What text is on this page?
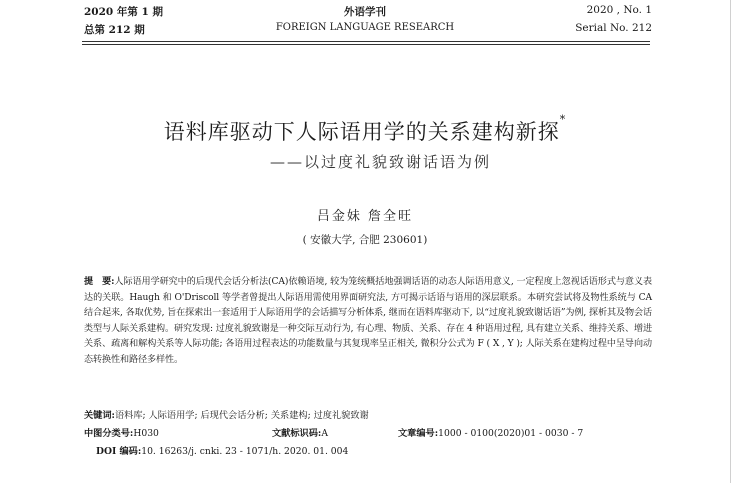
2020 年第 1 期
总第 212 期
外语学刊
FOREIGN LANGUAGE RESEARCH
2020 , No. 1
Serial No. 212
语料库驱动下人际语用学的关系建构新探*
——以过度礼貌致谢话语为例
吕金妹 詹全旺
( 安徽大学, 合肥 230601)
提　要:人际语用学研究中的后现代会话分析法(CA)依赖语境, 较为笼统概括地强调话语的动态人际语用意义, 一定程度上忽视话语形式与意义表达的关联。Haugh 和 O'Driscoll 等学者曾提出人际语用需使用界面研究法, 方可揭示话语与语用的深层联系。本研究尝试将及物性系统与 CA 结合起来, 各取优势, 旨在探索出一套适用于人际语用学的会话描写分析体系, 继而在语料库驱动下, 以“过度礼貌致谢话语”为例, 探析其及物会话类型与人际关系建构。研究发现: 过度礼貌致谢是一种交际互动行为, 有心理、物质、关系、存在 4 种语用过程, 具有建立关系、维持关系、增进关系、疏离和解构关系等人际功能; 各语用过程表达的功能数量与其复现率呈正相关, 微积分公式为 F ( X , Y ); 人际关系在建构过程中呈导向动态转换性和路径多样性。
关键词:语料库; 人际语用学; 后现代会话分析; 关系建构; 过度礼貌致谢
中图分类号:H030	文献标识码:A	文章编号:1000 - 0100(2020)01 - 0030 - 7
DOI 编码:10. 16263/j. cnki. 23 - 1071/h. 2020. 01. 004
